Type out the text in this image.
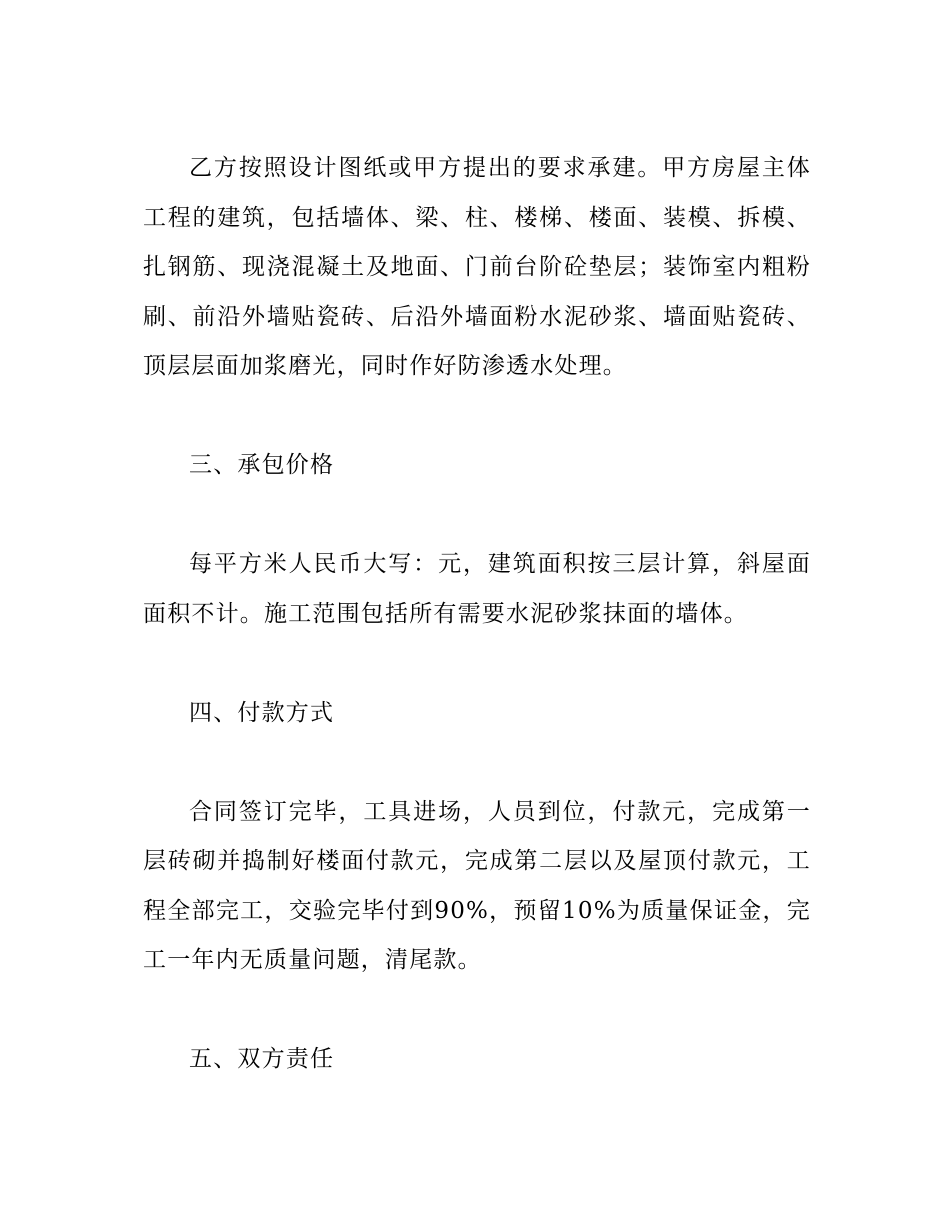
乙方按照设计图纸或甲方提出的要求承建。甲方房屋主体工程的建筑，包括墙体、梁、柱、楼梯、楼面、装模、拆模、扎钢筋、现浇混凝土及地面、门前台阶砼垫层；装饰室内粗粉刷、前沿外墙贴瓷砖、后沿外墙面粉水泥砂浆、墙面贴瓷砖、顶层层面加浆磨光，同时作好防渗透水处理。

三、承包价格

每平方米人民币大写：元，建筑面积按三层计算，斜屋面面积不计。施工范围包括所有需要水泥砂浆抹面的墙体。

四、付款方式

合同签订完毕，工具进场，人员到位，付款元，完成第一层砖砌并捣制好楼面付款元，完成第二层以及屋顶付款元，工程全部完工，交验完毕付到90%，预留10%为质量保证金，完工一年内无质量问题，清尾款。

五、双方责任
